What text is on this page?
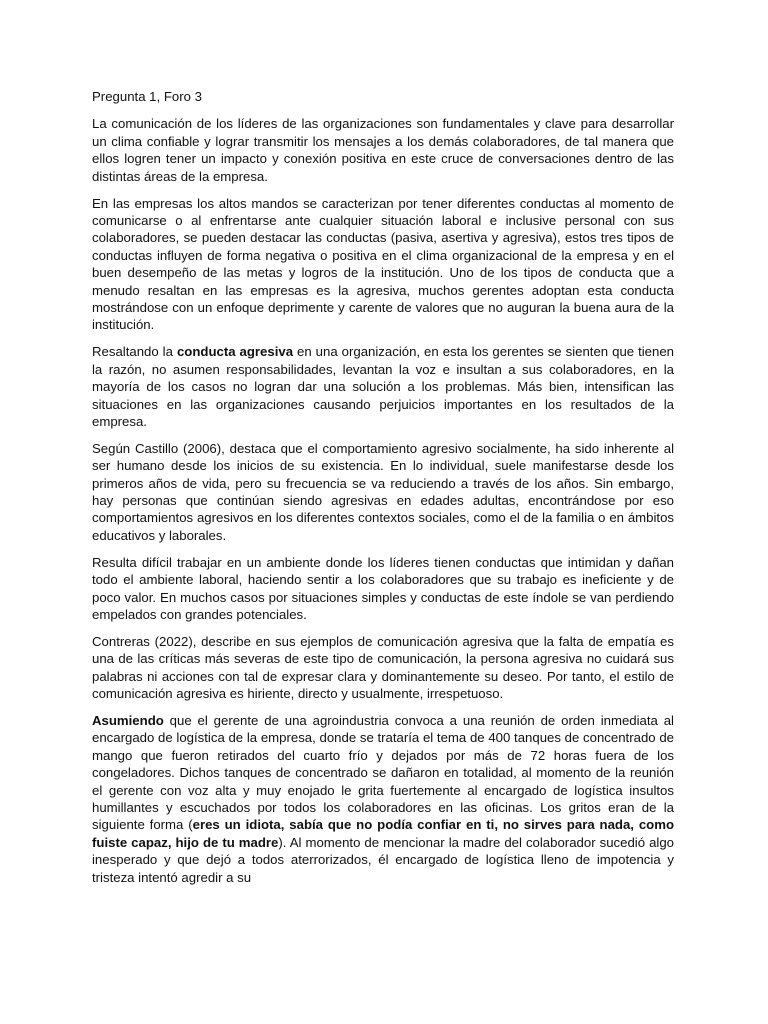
Pregunta 1, Foro 3

La comunicación de los líderes de las organizaciones son fundamentales y clave para desarrollar un clima confiable y lograr transmitir los mensajes a los demás colaboradores, de tal manera que ellos logren tener un impacto y conexión positiva en este cruce de conversaciones dentro de las distintas áreas de la empresa.

En las empresas los altos mandos se caracterizan por tener diferentes conductas al momento de comunicarse o al enfrentarse ante cualquier situación laboral e inclusive personal con sus colaboradores, se pueden destacar las conductas (pasiva, asertiva y agresiva), estos tres tipos de conductas influyen de forma negativa o positiva en el clima organizacional de la empresa y en el buen desempeño de las metas y logros de la institución. Uno de los tipos de conducta que a menudo resaltan en las empresas es la agresiva, muchos gerentes adoptan esta conducta mostrándose con un enfoque deprimente y carente de valores que no auguran la buena aura de la institución.

Resaltando la conducta agresiva en una organización, en esta los gerentes se sienten que tienen la razón, no asumen responsabilidades, levantan la voz e insultan a sus colaboradores, en la mayoría de los casos no logran dar una solución a los problemas. Más bien, intensifican las situaciones en las organizaciones causando perjuicios importantes en los resultados de la empresa.

Según Castillo (2006), destaca que el comportamiento agresivo socialmente, ha sido inherente al ser humano desde los inicios de su existencia. En lo individual, suele manifestarse desde los primeros años de vida, pero su frecuencia se va reduciendo a través de los años. Sin embargo, hay personas que continúan siendo agresivas en edades adultas, encontrándose por eso comportamientos agresivos en los diferentes contextos sociales, como el de la familia o en ámbitos educativos y laborales.

Resulta difícil trabajar en un ambiente donde los líderes tienen conductas que intimidan y dañan todo el ambiente laboral, haciendo sentir a los colaboradores que su trabajo es ineficiente y de poco valor. En muchos casos por situaciones simples y conductas de este índole se van perdiendo empelados con grandes potenciales.

Contreras (2022), describe en sus ejemplos de comunicación agresiva que la falta de empatía es una de las críticas más severas de este tipo de comunicación, la persona agresiva no cuidará sus palabras ni acciones con tal de expresar clara y dominantemente su deseo. Por tanto, el estilo de comunicación agresiva es hiriente, directo y usualmente, irrespetuoso.

Asumiendo que el gerente de una agroindustria convoca a una reunión de orden inmediata al encargado de logística de la empresa, donde se trataría el tema de 400 tanques de concentrado de mango que fueron retirados del cuarto frío y dejados por más de 72 horas fuera de los congeladores. Dichos tanques de concentrado se dañaron en totalidad, al momento de la reunión el gerente con voz alta y muy enojado le grita fuertemente al encargado de logística insultos humillantes y escuchados por todos los colaboradores en las oficinas. Los gritos eran de la siguiente forma (eres un idiota, sabía que no podía confiar en ti, no sirves para nada, como fuiste capaz, hijo de tu madre). Al momento de mencionar la madre del colaborador sucedió algo inesperado y que dejó a todos aterrorizados, él encargado de logística lleno de impotencia y tristeza intentó agredir a su
